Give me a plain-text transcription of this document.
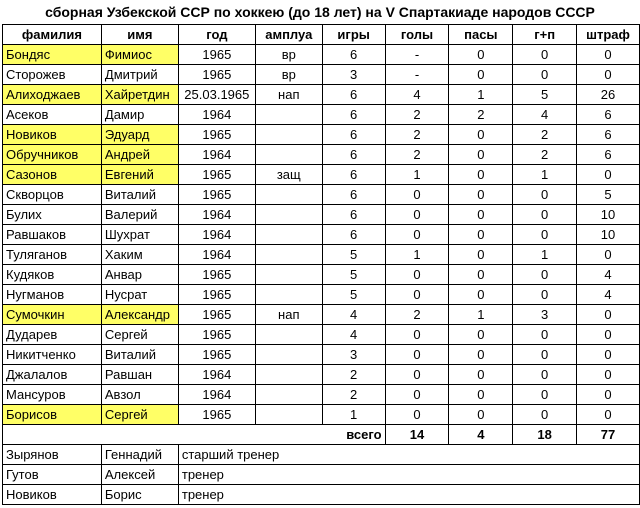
сборная Узбекской ССР по хоккею (до 18 лет) на V Спартакиаде народов СССР
фамилия	имя	год	амплуа	игры	голы	пасы	г+п	штраф
Бондяс	Фимиос	1965	вр	6	-	0	0	0
Сторожев	Дмитрий	1965	вр	3	-	0	0	0
Алиходжаев	Хайретдин	25.03.1965	нап	6	4	1	5	26
Асеков	Дамир	1964		6	2	2	4	6
Новиков	Эдуард	1965		6	2	0	2	6
Обручников	Андрей	1964		6	2	0	2	6
Сазонов	Евгений	1965	защ	6	1	0	1	0
Скворцов	Виталий	1965		6	0	0	0	5
Булих	Валерий	1964		6	0	0	0	10
Равшаков	Шухрат	1964		6	0	0	0	10
Туляганов	Хаким	1964		5	1	0	1	0
Кудяков	Анвар	1965		5	0	0	0	4
Нугманов	Нусрат	1965		5	0	0	0	4
Сумочкин	Александр	1965	нап	4	2	1	3	0
Дударев	Сергей	1965		4	0	0	0	0
Никитченко	Виталий	1965		3	0	0	0	0
Джалалов	Равшан	1964		2	0	0	0	0
Мансуров	Авзол	1964		2	0	0	0	0
Борисов	Сергей	1965		1	0	0	0	0
всего					14	4	18	77
Зырянов	Геннадий	старший тренер						
Гутов	Алексей	тренер						
Новиков	Борис	тренер						
